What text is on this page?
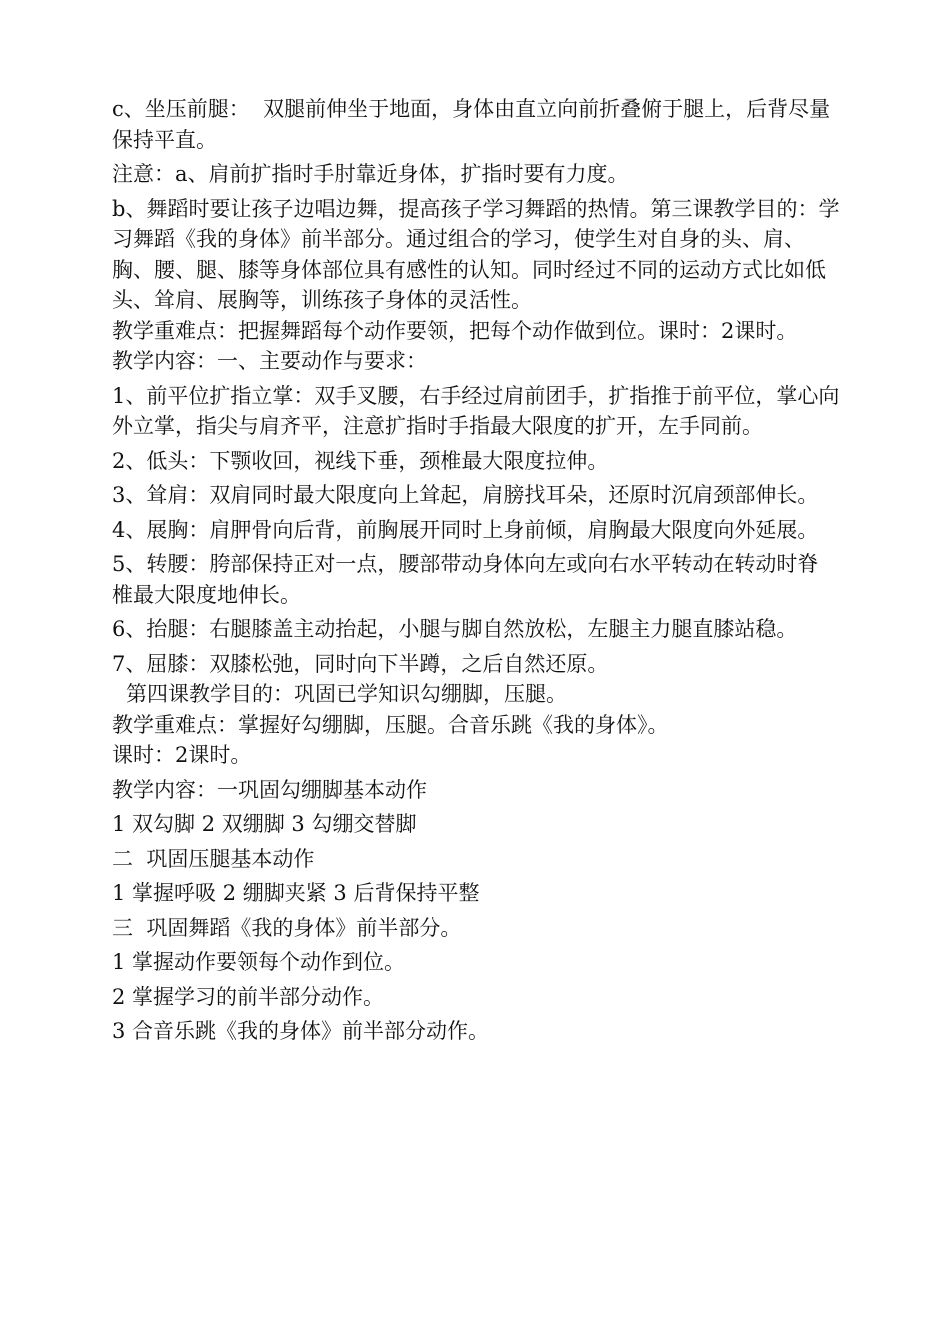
c、坐压前腿：  双腿前伸坐于地面，身体由直立向前折叠俯于腿上，后背尽量保持平直。

注意：a、肩前扩指时手肘靠近身体，扩指时要有力度。

b、舞蹈时要让孩子边唱边舞，提高孩子学习舞蹈的热情。第三课教学目的：学习舞蹈《我的身体》前半部分。通过组合的学习，使学生对自身的头、肩、胸、腰、腿、膝等身体部位具有感性的认知。同时经过不同的运动方式比如低头、耸肩、展胸等，训练孩子身体的灵活性。

教学重难点：把握舞蹈每个动作要领，把每个动作做到位。课时：2课时。

教学内容：一、主要动作与要求：

1、前平位扩指立掌：双手叉腰，右手经过肩前团手，扩指推于前平位，掌心向外立掌，指尖与肩齐平，注意扩指时手指最大限度的扩开，左手同前。

2、低头：下颚收回，视线下垂，颈椎最大限度拉伸。

3、耸肩：双肩同时最大限度向上耸起，肩膀找耳朵，还原时沉肩颈部伸长。

4、展胸：肩胛骨向后背，前胸展开同时上身前倾，肩胸最大限度向外延展。

5、转腰：胯部保持正对一点，腰部带动身体向左或向右水平转动在转动时脊

椎最大限度地伸长。

6、抬腿：右腿膝盖主动抬起，小腿与脚自然放松，左腿主力腿直膝站稳。

7、屈膝：双膝松弛，同时向下半蹲，之后自然还原。

第四课教学目的：巩固已学知识勾绷脚，压腿。

教学重难点：掌握好勾绷脚，压腿。合音乐跳《我的身体》。

课时：2课时。

教学内容：一巩固勾绷脚基本动作

1 双勾脚 2 双绷脚 3 勾绷交替脚

二  巩固压腿基本动作

1 掌握呼吸 2 绷脚夹紧 3 后背保持平整

三  巩固舞蹈《我的身体》前半部分。

1 掌握动作要领每个动作到位。

2 掌握学习的前半部分动作。

3 合音乐跳《我的身体》前半部分动作。
